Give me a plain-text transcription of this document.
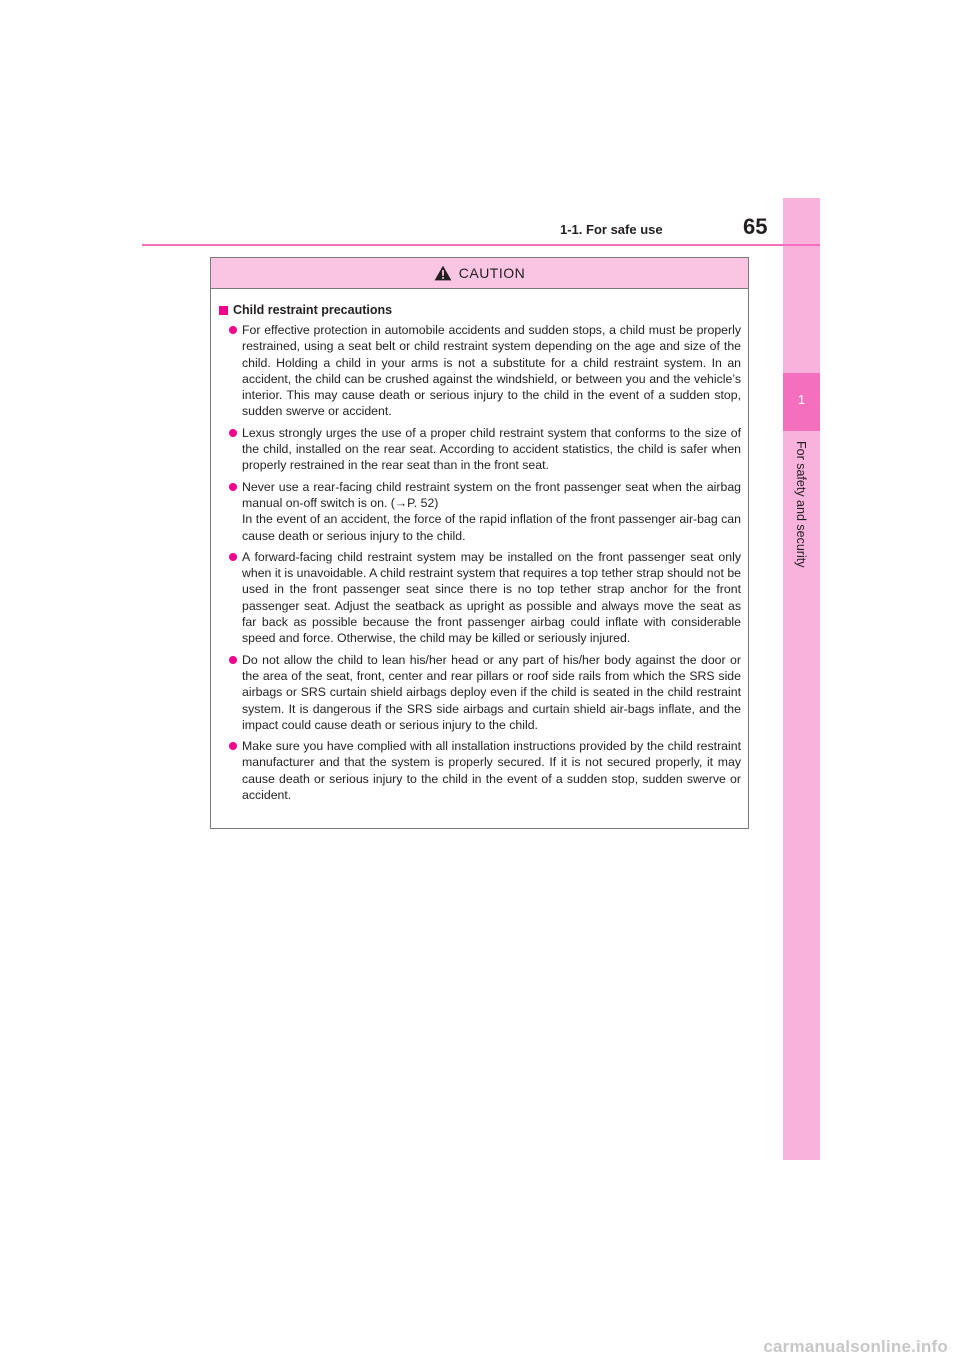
1
For safety and security
1-1. For safe use	65
CAUTION
Child restraint precautions
For effective protection in automobile accidents and sudden stops, a child must be properly restrained, using a seat belt or child restraint system depending on the age and size of the child. Holding a child in your arms is not a substitute for a child restraint system. In an accident, the child can be crushed against the windshield, or between you and the vehicle’s interior. This may cause death or serious injury to the child in the event of a sudden stop, sudden swerve or accident.
Lexus strongly urges the use of a proper child restraint system that conforms to the size of the child, installed on the rear seat. According to accident statistics, the child is safer when properly restrained in the rear seat than in the front seat.
Never use a rear-facing child restraint system on the front passenger seat when the airbag manual on-off switch is on. (→P. 52)
In the event of an accident, the force of the rapid inflation of the front passenger air-bag can cause death or serious injury to the child.
A forward-facing child restraint system may be installed on the front passenger seat only when it is unavoidable. A child restraint system that requires a top tether strap should not be used in the front passenger seat since there is no top tether strap anchor for the front passenger seat. Adjust the seatback as upright as possible and always move the seat as far back as possible because the front passenger airbag could inflate with considerable speed and force. Otherwise, the child may be killed or seriously injured.
Do not allow the child to lean his/her head or any part of his/her body against the door or the area of the seat, front, center and rear pillars or roof side rails from which the SRS side airbags or SRS curtain shield airbags deploy even if the child is seated in the child restraint system. It is dangerous if the SRS side airbags and curtain shield air-bags inflate, and the impact could cause death or serious injury to the child.
Make sure you have complied with all installation instructions provided by the child restraint manufacturer and that the system is properly secured. If it is not secured properly, it may cause death or serious injury to the child in the event of a sudden stop, sudden swerve or accident.
carmanualsonline.info
